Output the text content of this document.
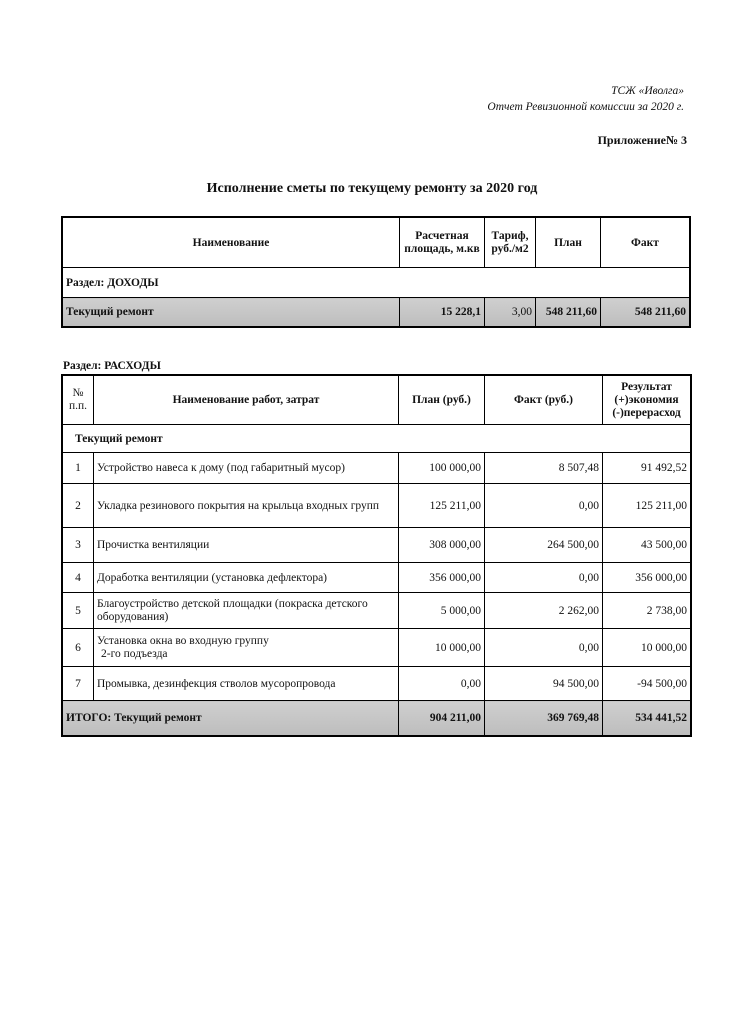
ТСЖ «Иволга»
Отчет Ревизионной комиссии за 2020 г.
Приложение№ 3
Исполнение сметы по текущему ремонту за 2020 год
Наименование	Расчетная площадь, м.кв	Тариф, руб./м2	План	Факт
Раздел: ДОХОДЫ				
Текущий ремонт	15 228,1	3,00	548 211,60	548 211,60
Раздел: РАСХОДЫ
№ п.п.	Наименование работ, затрат	План (руб.)	Факт (руб.)	Результат (+)экономия (-)перерасход
Текущий ремонт				
1	Устройство навеса к дому (под габаритный мусор)	100 000,00	8 507,48	91 492,52
2	Укладка резинового покрытия на крыльца входных групп	125 211,00	0,00	125 211,00
3	Прочистка вентиляции	308 000,00	264 500,00	43 500,00
4	Доработка вентиляции (установка дефлектора)	356 000,00	0,00	356 000,00
5	Благоустройство детской площадки (покраска детского оборудования)	5 000,00	2 262,00	2 738,00
6	Установка окна во входную группу
2-го подъезда	10 000,00	0,00	10 000,00
7	Промывка, дезинфекция стволов мусоропровода	0,00	94 500,00	-94 500,00
ИТОГО: Текущий ремонт		904 211,00	369 769,48	534 441,52
